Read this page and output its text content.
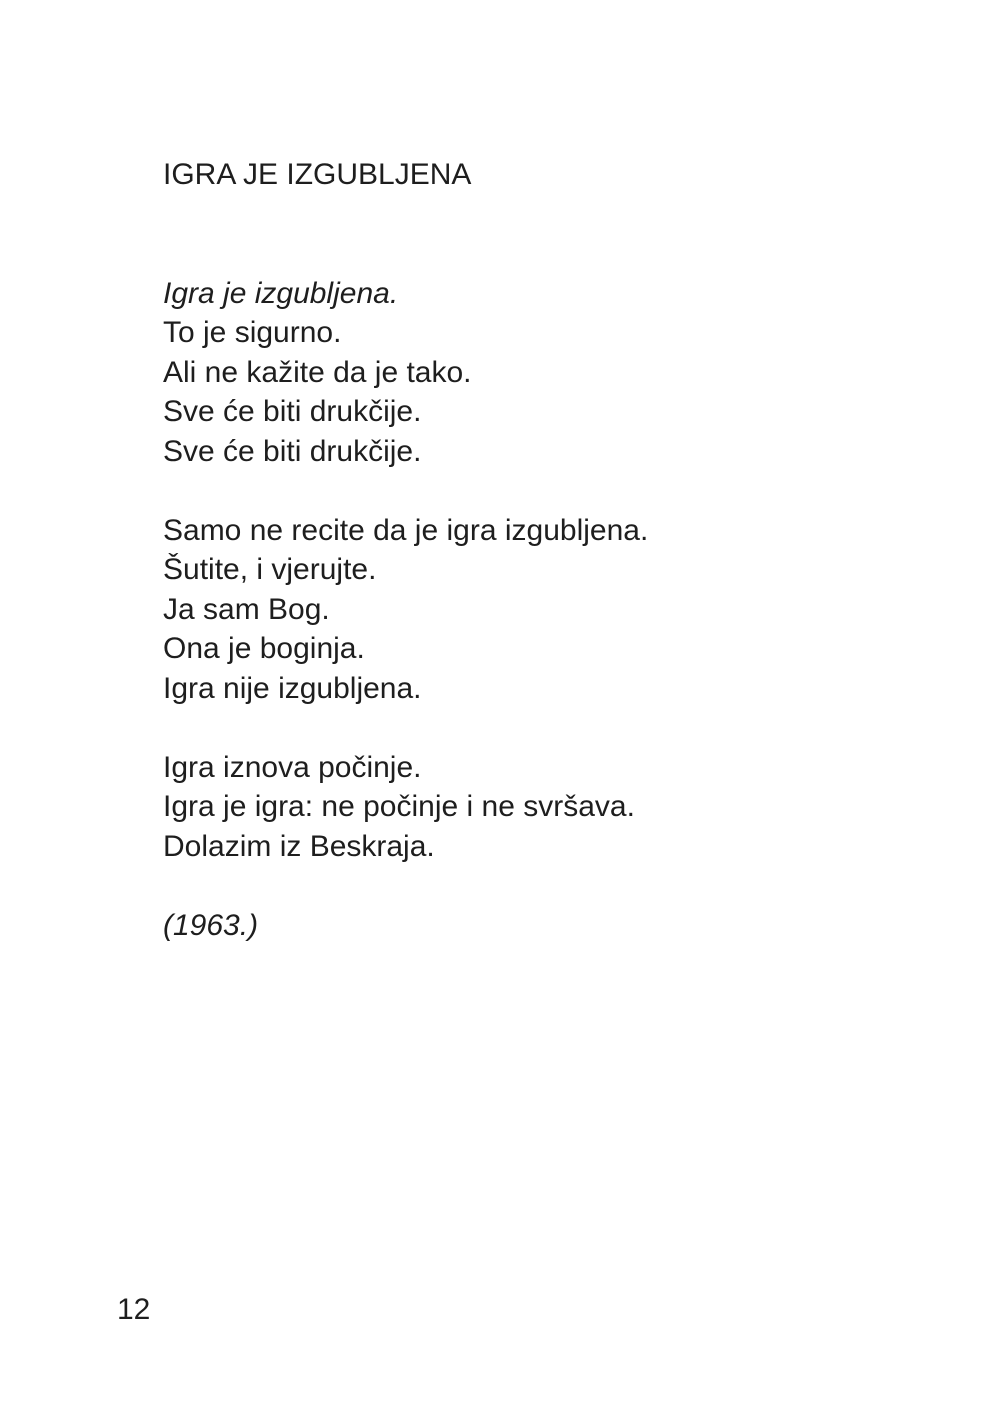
IGRA JE IZGUBLJENA
Igra je izgubljena.
To je sigurno.
Ali ne kažite da je tako.
Sve će biti drukčije.
Sve će biti drukčije.
Samo ne recite da je igra izgubljena.
Šutite, i vjerujte.
Ja sam Bog.
Ona je boginja.
Igra nije izgubljena.
Igra iznova počinje.
Igra je igra: ne počinje i ne svršava.
Dolazim iz Beskraja.

(1963.)

12
